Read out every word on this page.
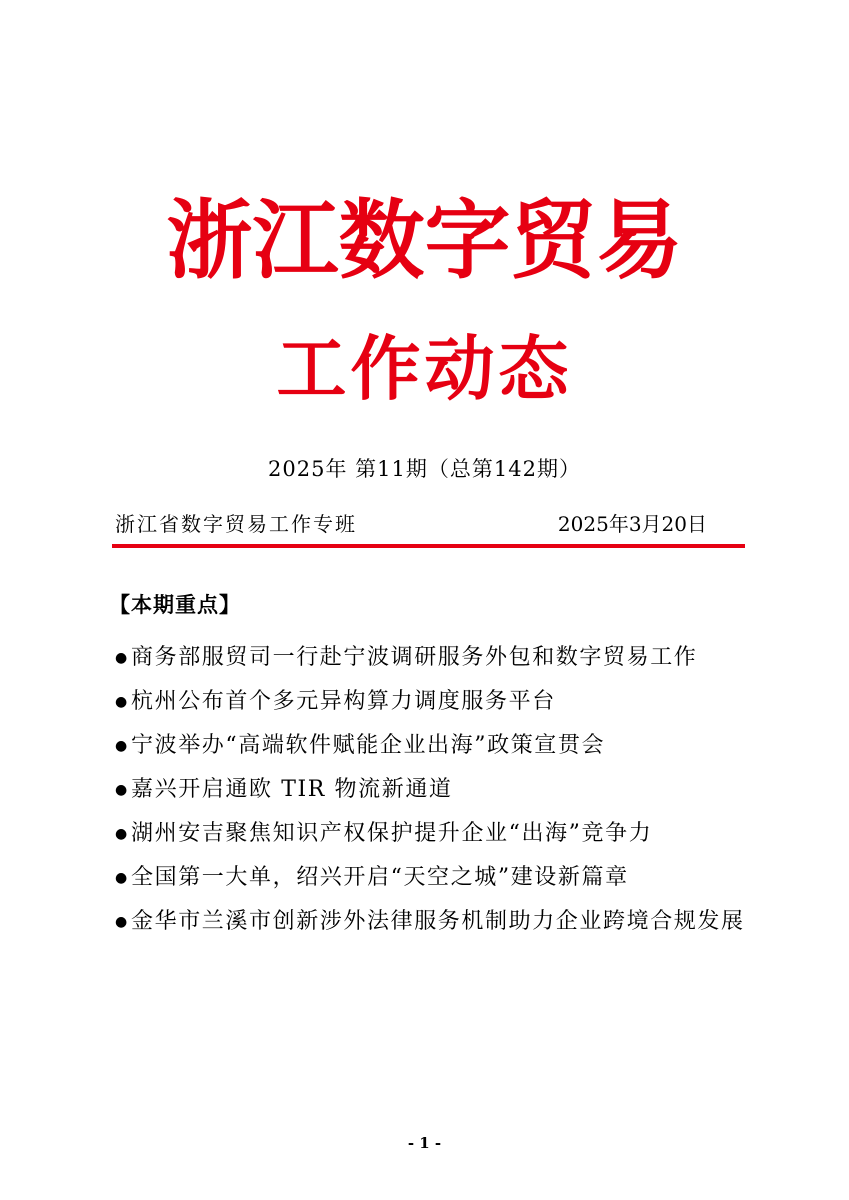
浙江数字贸易
工作动态
2025年 第11期（总第142期）
浙江省数字贸易工作专班	2025年3月20日
【本期重点】
● 商务部服贸司一行赴宁波调研服务外包和数字贸易工作
● 杭州公布首个多元异构算力调度服务平台
● 宁波举办“高端软件赋能企业出海”政策宣贯会
● 嘉兴开启通欧 TIR 物流新通道
● 湖州安吉聚焦知识产权保护提升企业“出海”竞争力
● 全国第一大单，绍兴开启“天空之城”建设新篇章
● 金华市兰溪市创新涉外法律服务机制助力企业跨境合规发展
- 1 -
